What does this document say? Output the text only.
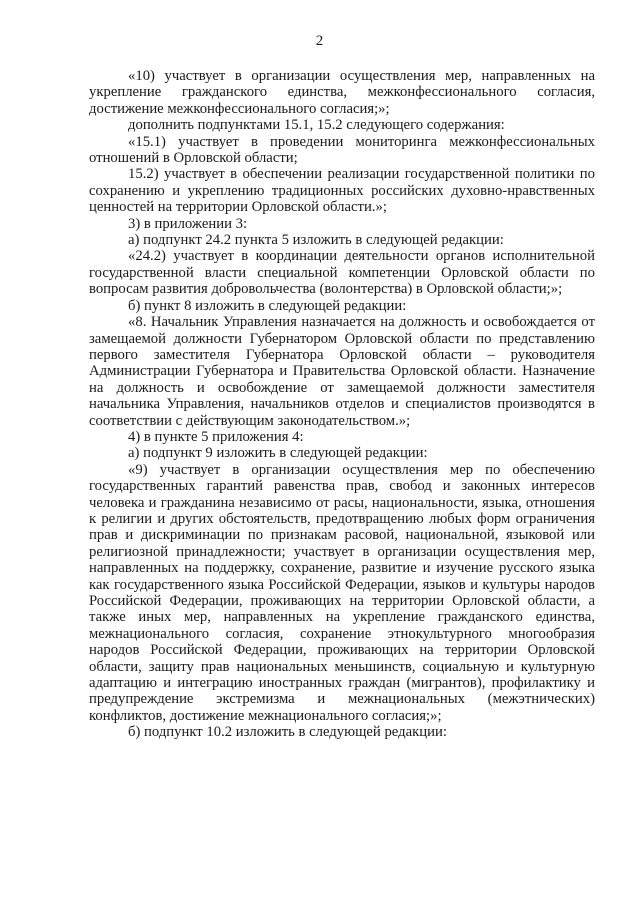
2

«10) участвует в организации осуществления мер, направленных на укрепление гражданского единства, межконфессионального согласия, достижение межконфессионального согласия;»;

дополнить подпунктами 15.1, 15.2 следующего содержания:

«15.1) участвует в проведении мониторинга межконфессиональных отношений в Орловской области;

15.2) участвует в обеспечении реализации государственной политики по сохранению и укреплению традиционных российских духовно-нравственных ценностей на территории Орловской области.»;

3) в приложении 3:

а) подпункт 24.2 пункта 5 изложить в следующей редакции:

«24.2) участвует в координации деятельности органов исполнительной государственной власти специальной компетенции Орловской области по вопросам развития добровольчества (волонтерства) в Орловской области;»;

б) пункт 8 изложить в следующей редакции:

«8. Начальник Управления назначается на должность и освобождается от замещаемой должности Губернатором Орловской области по представлению первого заместителя Губернатора Орловской области – руководителя Администрации Губернатора и Правительства Орловской области. Назначение на должность и освобождение от замещаемой должности заместителя начальника Управления, начальников отделов и специалистов производятся в соответствии с действующим законодательством.»;

4) в пункте 5 приложения 4:

а) подпункт 9 изложить в следующей редакции:

«9) участвует в организации осуществления мер по обеспечению государственных гарантий равенства прав, свобод и законных интересов человека и гражданина независимо от расы, национальности, языка, отношения к религии и других обстоятельств, предотвращению любых форм ограничения прав и дискриминации по признакам расовой, национальной, языковой или религиозной принадлежности; участвует в организации осуществления мер, направленных на поддержку, сохранение, развитие и изучение русского языка как государственного языка Российской Федерации, языков и культуры народов Российской Федерации, проживающих на территории Орловской области, а также иных мер, направленных на укрепление гражданского единства, межнационального согласия, сохранение этнокультурного многообразия народов Российской Федерации, проживающих на территории Орловской области, защиту прав национальных меньшинств, социальную и культурную адаптацию и интеграцию иностранных граждан (мигрантов), профилактику и предупреждение экстремизма и межнациональных (межэтнических) конфликтов, достижение межнационального согласия;»;

б) подпункт 10.2 изложить в следующей редакции:
